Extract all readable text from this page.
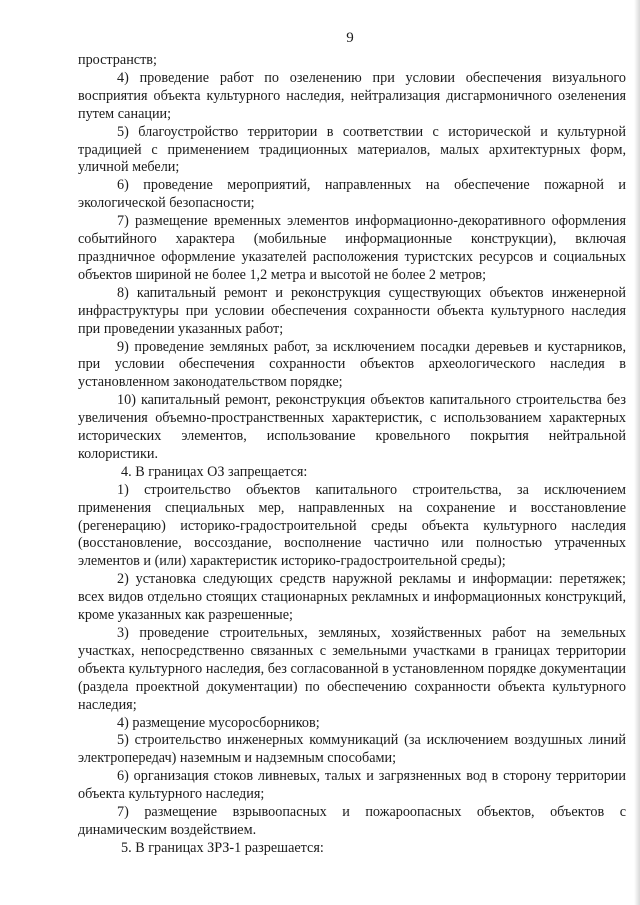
9

пространств;

4) проведение работ по озеленению при условии обеспечения визуального восприятия объекта культурного наследия, нейтрализация дисгармоничного озеленения путем санации;

5) благоустройство территории в соответствии с исторической и культурной традицией с применением традиционных материалов, малых архитектурных форм, уличной мебели;

6) проведение мероприятий, направленных на обеспечение пожарной и экологической безопасности;

7) размещение временных элементов информационно-декоративного оформления событийного характера (мобильные информационные конструкции), включая праздничное оформление указателей расположения туристских ресурсов и социальных объектов шириной не более 1,2 метра и высотой не более 2 метров;

8) капитальный ремонт и реконструкция существующих объектов инженерной инфраструктуры при условии обеспечения сохранности объекта культурного наследия при проведении указанных работ;

9) проведение земляных работ, за исключением посадки деревьев и кустарников, при условии обеспечения сохранности объектов археологического наследия в установленном законодательством порядке;

10) капитальный ремонт, реконструкция объектов капитального строительства без увеличения объемно-пространственных характеристик, с использованием характерных исторических элементов, использование кровельного покрытия нейтральной колористики.

4. В границах ОЗ запрещается:

1) строительство объектов капитального строительства, за исключением применения специальных мер, направленных на сохранение и восстановление (регенерацию) историко-градостроительной среды объекта культурного наследия (восстановление, воссоздание, восполнение частично или полностью утраченных элементов и (или) характеристик историко-градостроительной среды);

2) установка следующих средств наружной рекламы и информации: перетяжек; всех видов отдельно стоящих стационарных рекламных и информационных конструкций, кроме указанных как разрешенные;

3) проведение строительных, земляных, хозяйственных работ на земельных участках, непосредственно связанных с земельными участками в границах территории объекта культурного наследия, без согласованной в установленном порядке документации (раздела проектной документации) по обеспечению сохранности объекта культурного наследия;

4) размещение мусоросборников;

5) строительство инженерных коммуникаций (за исключением воздушных линий электропередач) наземным и надземным способами;

6) организация стоков ливневых, талых и загрязненных вод в сторону территории объекта культурного наследия;

7) размещение взрывоопасных и пожароопасных объектов, объектов с динамическим воздействием.

5. В границах ЗРЗ-1 разрешается:
